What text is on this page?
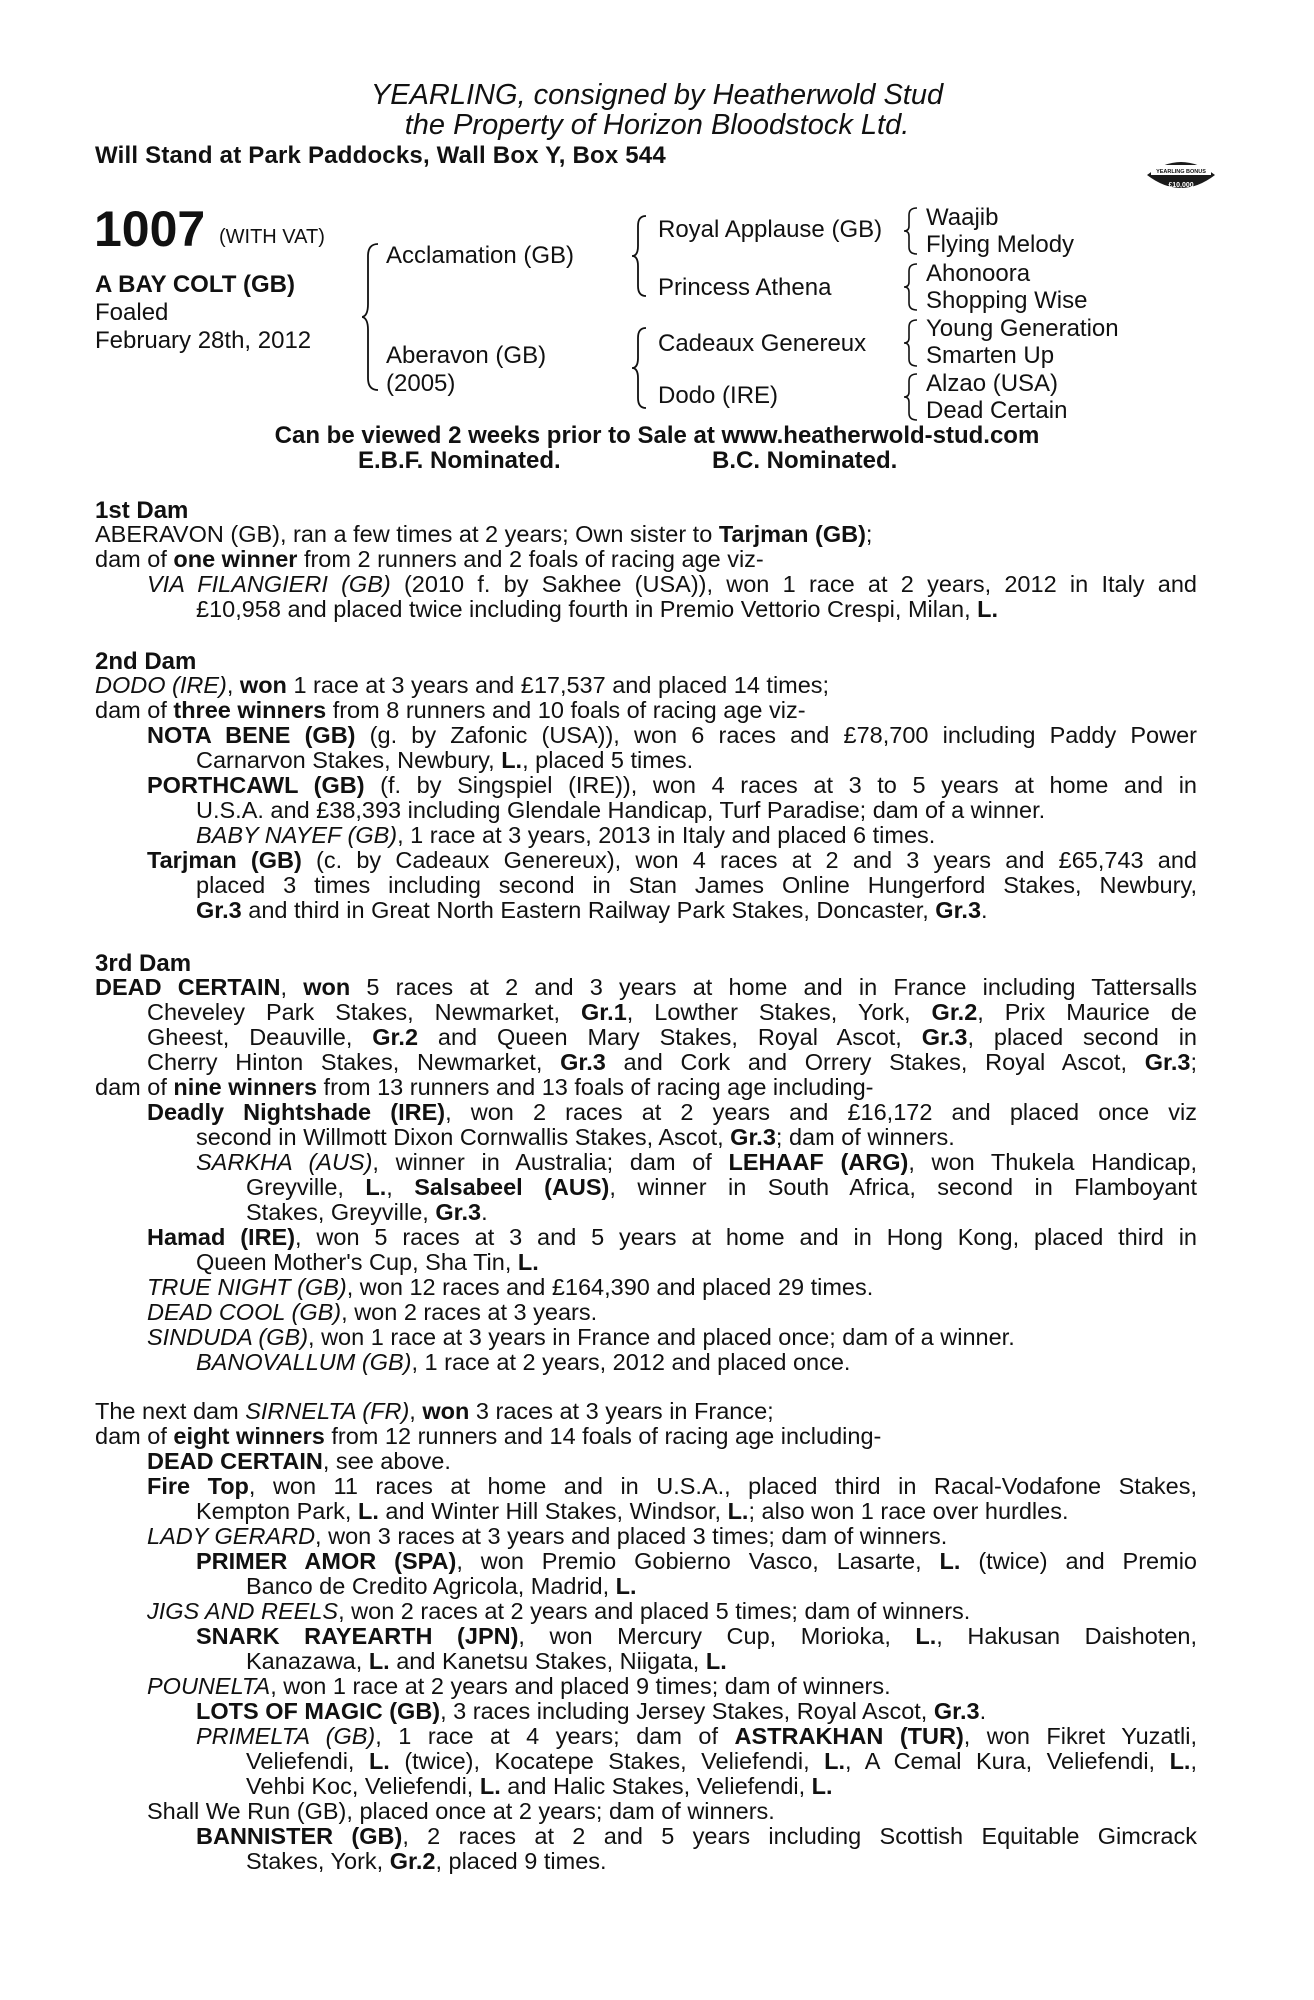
YEARLING, consigned by Heatherwold Stud
the Property of Horizon Bloodstock Ltd.
Will Stand at Park Paddocks, Wall Box Y, Box 544	RACING POST
YEARLING BONUS
£10,000
1007 (WITH VAT)
A BAY COLT (GB)
Foaled
February 28th, 2012
Acclamation (GB)
Aberavon (GB)
(2005)
Royal Applause (GB)
Princess Athena
Cadeaux Genereux
Dodo (IRE)
Waajib
Flying Melody
Ahonoora
Shopping Wise
Young Generation
Smarten Up
Alzao (USA)
Dead Certain
Can be viewed 2 weeks prior to Sale at www.heatherwold-stud.com
E.B.F. Nominated.	B.C. Nominated.
1st Dam
2nd Dam
3rd Dam
ABERAVON (GB), ran a few times at 2 years; Own sister to Tarjman (GB);
dam of one winner from 2 runners and 2 foals of racing age viz-
VIA FILANGIERI (GB) (2010 f. by Sakhee (USA)), won 1 race at 2 years, 2012 in Italy and
£10,958 and placed twice including fourth in Premio Vettorio Crespi, Milan, L.
DODO (IRE), won 1 race at 3 years and £17,537 and placed 14 times;
dam of three winners from 8 runners and 10 foals of racing age viz-
NOTA BENE (GB) (g. by Zafonic (USA)), won 6 races and £78,700 including Paddy Power
Carnarvon Stakes, Newbury, L., placed 5 times.
PORTHCAWL (GB) (f. by Singspiel (IRE)), won 4 races at 3 to 5 years at home and in
U.S.A. and £38,393 including Glendale Handicap, Turf Paradise; dam of a winner.
BABY NAYEF (GB), 1 race at 3 years, 2013 in Italy and placed 6 times.
Tarjman (GB) (c. by Cadeaux Genereux), won 4 races at 2 and 3 years and £65,743 and
placed 3 times including second in Stan James Online Hungerford Stakes, Newbury,
Gr.3 and third in Great North Eastern Railway Park Stakes, Doncaster, Gr.3.
DEAD CERTAIN, won 5 races at 2 and 3 years at home and in France including Tattersalls
Cheveley Park Stakes, Newmarket, Gr.1, Lowther Stakes, York, Gr.2, Prix Maurice de
Gheest, Deauville, Gr.2 and Queen Mary Stakes, Royal Ascot, Gr.3, placed second in
Cherry Hinton Stakes, Newmarket, Gr.3 and Cork and Orrery Stakes, Royal Ascot, Gr.3;
dam of nine winners from 13 runners and 13 foals of racing age including-
Deadly Nightshade (IRE), won 2 races at 2 years and £16,172 and placed once viz
second in Willmott Dixon Cornwallis Stakes, Ascot, Gr.3; dam of winners.
SARKHA (AUS), winner in Australia; dam of LEHAAF (ARG), won Thukela Handicap,
Greyville, L., Salsabeel (AUS), winner in South Africa, second in Flamboyant
Stakes, Greyville, Gr.3.
Hamad (IRE), won 5 races at 3 and 5 years at home and in Hong Kong, placed third in
Queen Mother's Cup, Sha Tin, L.
TRUE NIGHT (GB), won 12 races and £164,390 and placed 29 times.
DEAD COOL (GB), won 2 races at 3 years.
SINDUDA (GB), won 1 race at 3 years in France and placed once; dam of a winner.
BANOVALLUM (GB), 1 race at 2 years, 2012 and placed once.
The next dam SIRNELTA (FR), won 3 races at 3 years in France;
dam of eight winners from 12 runners and 14 foals of racing age including-
DEAD CERTAIN, see above.
Fire Top, won 11 races at home and in U.S.A., placed third in Racal-Vodafone Stakes,
Kempton Park, L. and Winter Hill Stakes, Windsor, L.; also won 1 race over hurdles.
LADY GERARD, won 3 races at 3 years and placed 3 times; dam of winners.
PRIMER AMOR (SPA), won Premio Gobierno Vasco, Lasarte, L. (twice) and Premio
Banco de Credito Agricola, Madrid, L.
JIGS AND REELS, won 2 races at 2 years and placed 5 times; dam of winners.
SNARK RAYEARTH (JPN), won Mercury Cup, Morioka, L., Hakusan Daishoten,
Kanazawa, L. and Kanetsu Stakes, Niigata, L.
POUNELTA, won 1 race at 2 years and placed 9 times; dam of winners.
LOTS OF MAGIC (GB), 3 races including Jersey Stakes, Royal Ascot, Gr.3.
PRIMELTA (GB), 1 race at 4 years; dam of ASTRAKHAN (TUR), won Fikret Yuzatli,
Veliefendi, L. (twice), Kocatepe Stakes, Veliefendi, L., A Cemal Kura, Veliefendi, L.,
Vehbi Koc, Veliefendi, L. and Halic Stakes, Veliefendi, L.
Shall We Run (GB), placed once at 2 years; dam of winners.
BANNISTER (GB), 2 races at 2 and 5 years including Scottish Equitable Gimcrack
Stakes, York, Gr.2, placed 9 times.
